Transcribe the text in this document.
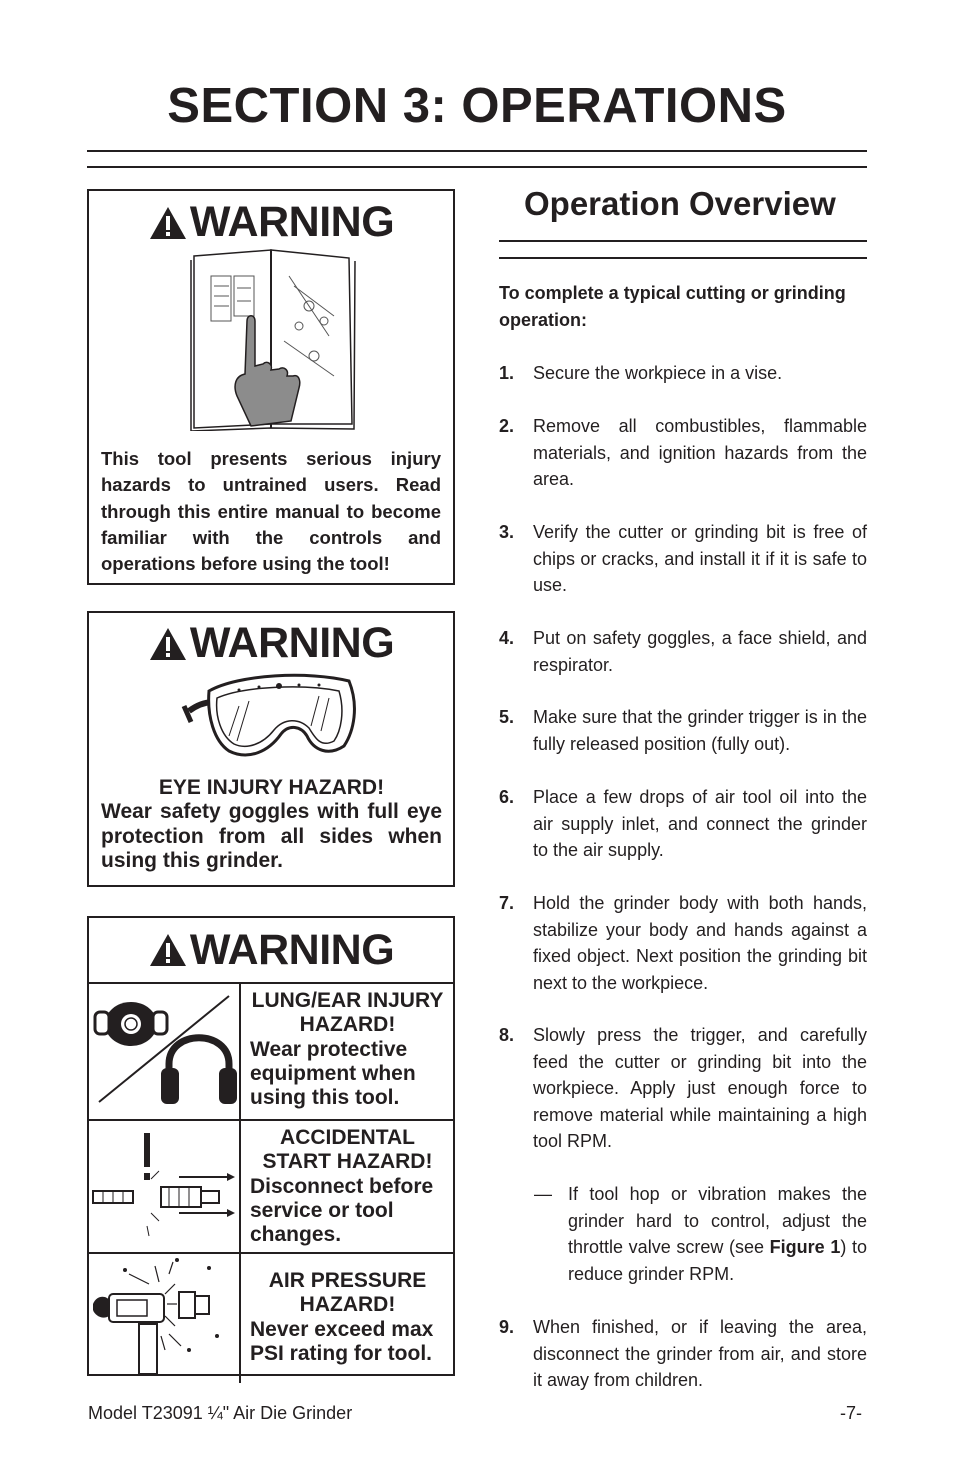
SECTION 3: OPERATIONS
WARNING
This tool presents serious injury hazards to untrained users. Read through this entire manual to become familiar with the controls and operations before using the tool!
WARNING
EYE INJURY HAZARD!
Wear safety goggles with full eye protection from all sides when using this grinder.
WARNING

LUNG/EAR INJURY HAZARD!
Wear protective equipment when using this tool.

ACCIDENTAL START HAZARD!
Disconnect before service or tool changes.

AIR PRESSURE HAZARD!
Never exceed max PSI rating for tool.
Operation Overview
To complete a typical cutting or grinding operation:
1. Secure the workpiece in a vise.
2. Remove all combustibles, flammable materials, and ignition hazards from the area.
3. Verify the cutter or grinding bit is free of chips or cracks, and install it if it is safe to use.
4. Put on safety goggles, a face shield, and respirator.
5. Make sure that the grinder trigger is in the fully released position (fully out).
6. Place a few drops of air tool oil into the air supply inlet, and connect the grinder to the air supply.
7. Hold the grinder body with both hands, stabilize your body and hands against a fixed object. Next position the grinding bit next to the workpiece.
8. Slowly press the trigger, and carefully feed the cutter or grinding bit into the workpiece. Apply just enough force to remove material while maintaining a high tool RPM.
— If tool hop or vibration makes the grinder hard to control, adjust the throttle valve screw (see Figure 1) to reduce grinder RPM.
9. When finished, or if leaving the area, disconnect the grinder from air, and store it away from children.
Model T23091 ¼" Air Die Grinder	-7-
